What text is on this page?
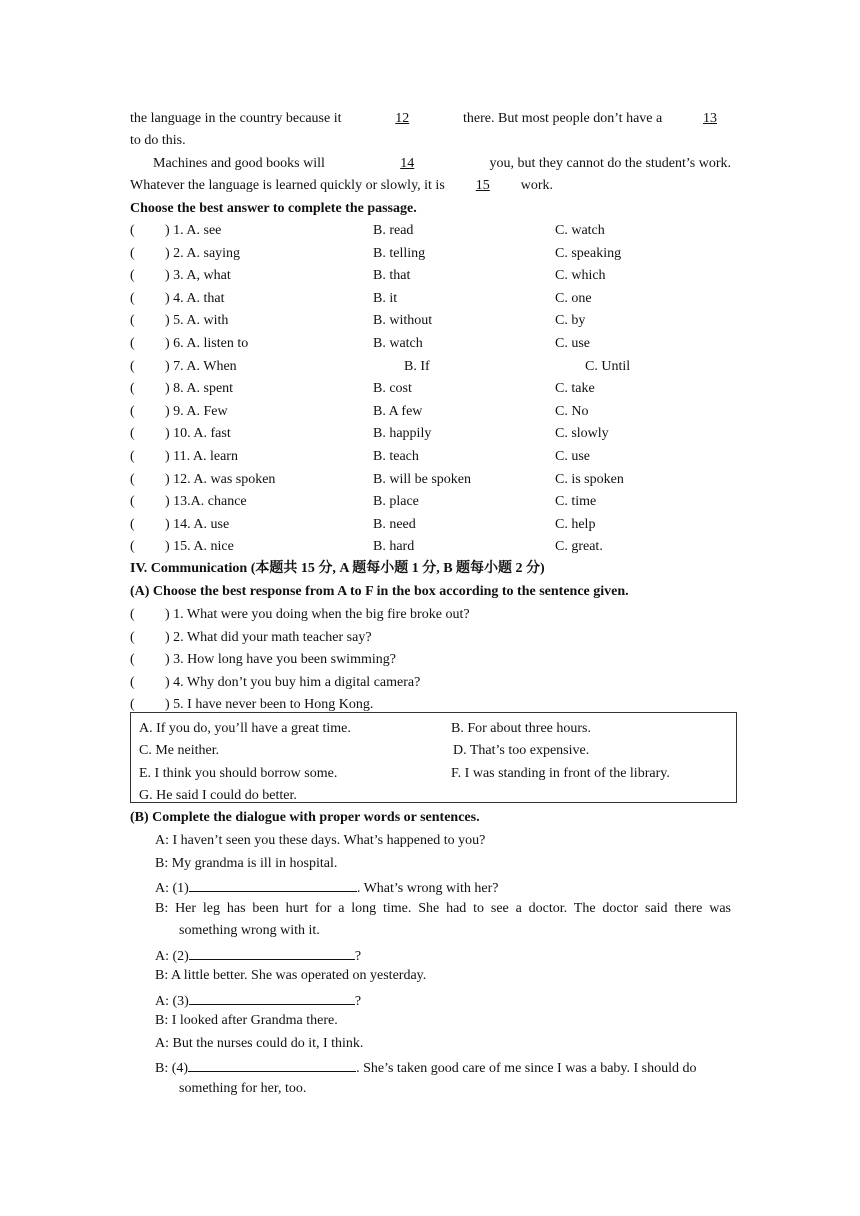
the language in the country because it	12	there. But most people don’t have a	13
to do this.
Machines and good books will	14	you, but they cannot do the student’s work.
Whatever the language is learned quickly or slowly, it is 15 work.
Choose the best answer to complete the passage.
( ) 1. A. see	B. read	C. watch
( ) 2. A. saying	B. telling	C. speaking
( ) 3. A, what	B. that	C. which
( ) 4. A. that	B. it	C. one
( ) 5. A. with	B. without	C. by
( ) 6. A. listen to	B. watch	C. use
( ) 7. A. When	B. If	C. Until
( ) 8. A. spent	B. cost	C. take
( ) 9. A. Few	B. A few	C. No
( ) 10. A. fast	B. happily	C. slowly
( ) 11. A. learn	B. teach	C. use
( ) 12. A. was spoken	B. will be spoken	C. is spoken
( ) 13.A. chance	B. place	C. time
( ) 14. A. use	B. need	C. help
( ) 15. A. nice	B. hard	C. great.
IV. Communication (本题共 15 分, A 题每小题 1 分, B 题每小题 2 分)
(A) Choose the best response from A to F in the box according to the sentence given.
( ) 1. What were you doing when the big fire broke out?
( ) 2. What did your math teacher say?
( ) 3. How long have you been swimming?
( ) 4. Why don’t you buy him a digital camera?
( ) 5. I have never been to Hong Kong.
A. If you do, you’ll have a great time.	B. For about three hours.
C. Me neither.	D. That’s too expensive.
E. I think you should borrow some.	F. I was standing in front of the library.
G. He said I could do better.
(B) Complete the dialogue with proper words or sentences.
A: I haven’t seen you these days. What’s happened to you?
B: My grandma is ill in hospital.
A: (1)	. What’s wrong with her?
B: Her leg has been hurt for a long time. She had to see a doctor. The doctor said there was
something wrong with it.
A: (2)	?
B: A little better. She was operated on yesterday.
A: (3)	?
B: I looked after Grandma there.
A: But the nurses could do it, I think.
B: (4)	. She’s taken good care of me since I was a baby. I should do
something for her, too.
